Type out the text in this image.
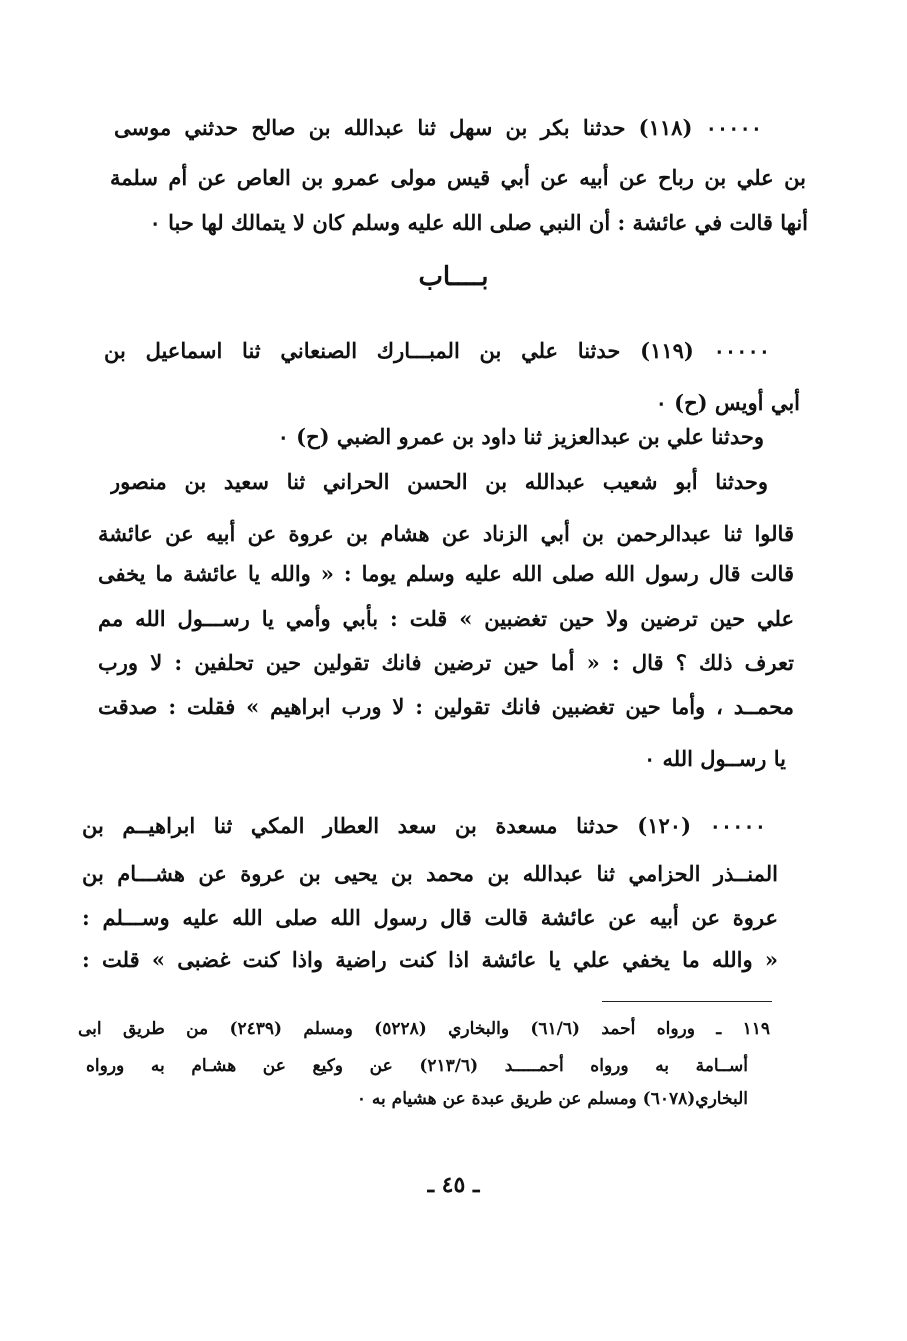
٠٠٠٠٠ (١١٨) حدثنا بكر بن سهل ثنا عبدالله بن صالح حدثني موسى
بن علي بن رباح عن أبيه عن أبي قيس مولى عمرو بن العاص عن أم سلمة
أنها قالت في عائشة : أن النبي صلى الله عليه وسلم كان لا يتمالك لها حبا ٠
بــــاب
٠٠٠٠٠ (١١٩) حدثنا علي بن المبـــارك الصنعاني ثنا اسماعيل بن
أبي أويس (ح) ٠
وحدثنا علي بن عبدالعزيز ثنا داود بن عمرو الضبي (ح) ٠
وحدثنا أبو شعيب عبدالله بن الحسن الحراني ثنا سعيد بن منصور
قالوا ثنا عبدالرحمن بن أبي الزناد عن هشام بن عروة عن أبيه عن عائشة
قالت قال رسول الله صلى الله عليه وسلم يوما : « والله يا عائشة ما يخفى
علي حين ترضين ولا حين تغضبين » قلت : بأبي وأمي يا رســـول الله مم
تعرف ذلك ؟ قال : « أما حين ترضين فانك تقولين حين تحلفين : لا ورب
محمــد ، وأما حين تغضبين فانك تقولين : لا ورب ابراهيم » فقلت : صدقت
يا رســول الله ٠
٠٠٠٠٠ (١٢٠) حدثنا مسعدة بن سعد العطار المكي ثنا ابراهيــم بن
المنــذر الحزامي ثنا عبدالله بن محمد بن يحيى بن عروة عن هشـــام بن
عروة عن أبيه عن عائشة قالت قال رسول الله صلى الله عليه وســـلم :
« والله ما يخفي علي يا عائشة اذا كنت راضية واذا كنت غضبى » قلت :
١١٩ ـ ورواه أحمد (٦١/٦) والبخاري (٥٢٢٨) ومسلم (٢٤٣٩) من طريق ابى
أســامة به ورواه أحمـــــد (٢١٣/٦) عن وكيع عن هشـام به ورواه
البخاري(٦٠٧٨) ومسلم عن طريق عبدة عن هشيام به ٠
ـ ٤٥ ـ
